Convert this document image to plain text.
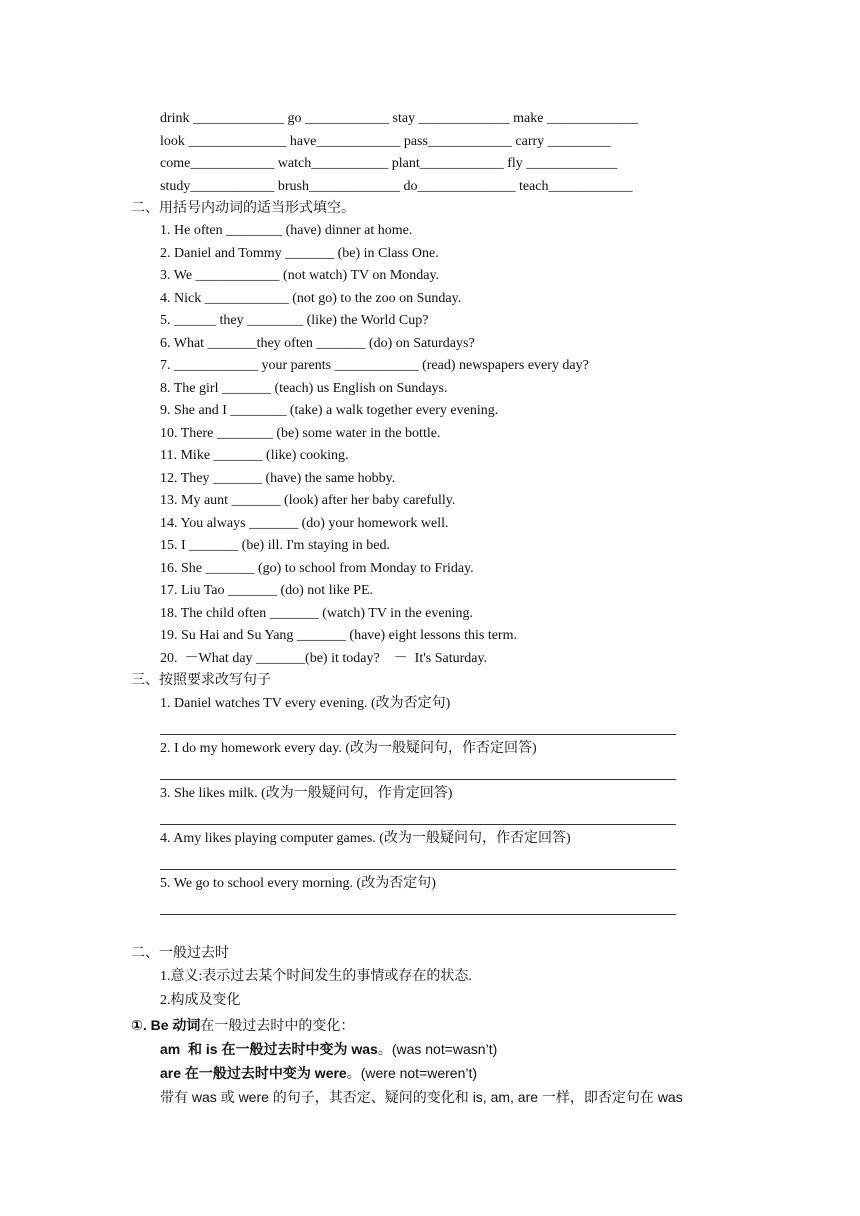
drink _____________ go ____________ stay _____________ make _____________
look ______________ have____________ pass____________ carry _________
come____________ watch___________ plant____________ fly _____________
study____________ brush_____________ do______________ teach____________
二、用括号内动词的适当形式填空。
1. He often ________ (have) dinner at home.
2. Daniel and Tommy _______ (be) in Class One.
3. We ____________ (not watch) TV on Monday.
4. Nick ____________ (not go) to the zoo on Sunday.
5. ______ they ________ (like) the World Cup?
6. What _______they often _______ (do) on Saturdays?
7. ____________ your parents ____________ (read) newspapers every day?
8. The girl _______ (teach) us English on Sundays.
9. She and I ________ (take) a walk together every evening.
10. There ________ (be) some water in the bottle.
11. Mike _______ (like) cooking.
12. They _______ (have) the same hobby.
13. My aunt _______ (look) after her baby carefully.
14. You always _______ (do) your homework well.
15. I _______ (be) ill. I'm staying in bed.
16. She _______ (go) to school from Monday to Friday.
17. Liu Tao _______ (do) not like PE.
18. The child often _______ (watch) TV in the evening.
19. Su Hai and Su Yang _______ (have) eight lessons this term.
20.  －What day _______(be) it today?    －  It's Saturday.
三、按照要求改写句子
1. Daniel watches TV every evening. (改为否定句)
2. I do my homework every day. (改为一般疑问句，作否定回答)
3. She likes milk. (改为一般疑问句，作肯定回答)
4. Amy likes playing computer games. (改为一般疑问句，作否定回答)
5. We go to school every morning. (改为否定句)
二、一般过去时
1.意义:表示过去某个时间发生的事情或存在的状态.
2.构成及变化
①. Be 动词在一般过去时中的变化：
am  和 is 在一般过去时中变为 was。(was not=wasn’t)
are 在一般过去时中变为 were。(were not=weren’t)
带有 was 或 were 的句子，其否定、疑问的变化和 is, am, are 一样，即否定句在 was
